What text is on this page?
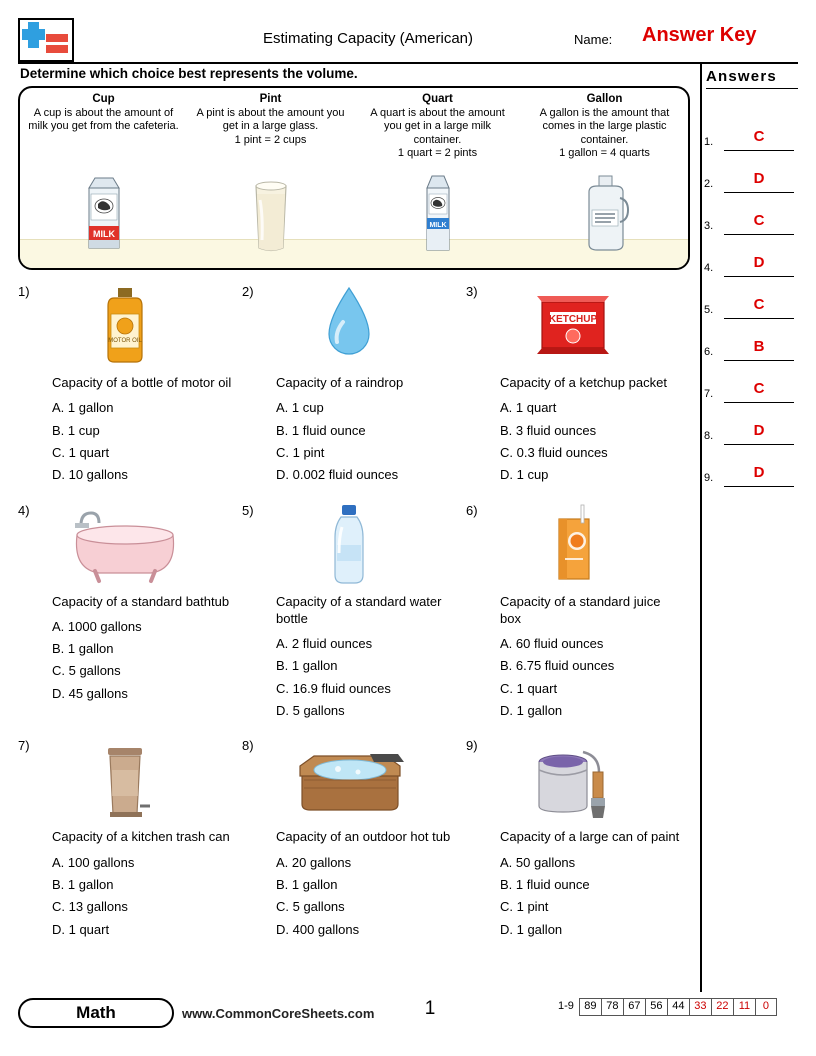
Estimating Capacity (American)	Name: Answer Key
Determine which choice best represents the volume.
Cup
A cup is about the amount of milk you get from the cafeteria.
MILK
Pint
A pint is about the amount you get in a large glass.
1 pint = 2 cups
Quart
A quart is about the amount you get in a large milk container.
1 quart = 2 pints
MILK
Gallon
A gallon is the amount that comes in the large plastic container.
1 gallon = 4 quarts
Answers
1.	C
2.	D
3.	C
4.	D
5.	C
6.	B
7.	C
8.	D
9.	D
1)
MOTOR OIL
Capacity of a bottle of motor oil
A. 1 gallon
B. 1 cup
C. 1 quart
D. 10 gallons
2)
Capacity of a raindrop
A. 1 cup
B. 1 fluid ounce
C. 1 pint
D. 0.002 fluid ounces
3)
KETCHUP
Capacity of a ketchup packet
A. 1 quart
B. 3 fluid ounces
C. 0.3 fluid ounces
D. 1 cup
4)
Capacity of a standard bathtub
A. 1000 gallons
B. 1 gallon
C. 5 gallons
D. 45 gallons
5)
Capacity of a standard water bottle
A. 2 fluid ounces
B. 1 gallon
C. 16.9 fluid ounces
D. 5 gallons
6)
Capacity of a standard juice box
A. 60 fluid ounces
B. 6.75 fluid ounces
C. 1 quart
D. 1 gallon
7)
Capacity of a kitchen trash can
A. 100 gallons
B. 1 gallon
C. 13 gallons
D. 1 quart
8)
Capacity of an outdoor hot tub
A. 20 gallons
B. 1 gallon
C. 5 gallons
D. 400 gallons
9)
Capacity of a large can of paint
A. 50 gallons
B. 1 fluid ounce
C. 1 pint
D. 1 gallon
Math	www.CommonCoreSheets.com	1	1-9 89 78 67 56 44 33 22 11	0
